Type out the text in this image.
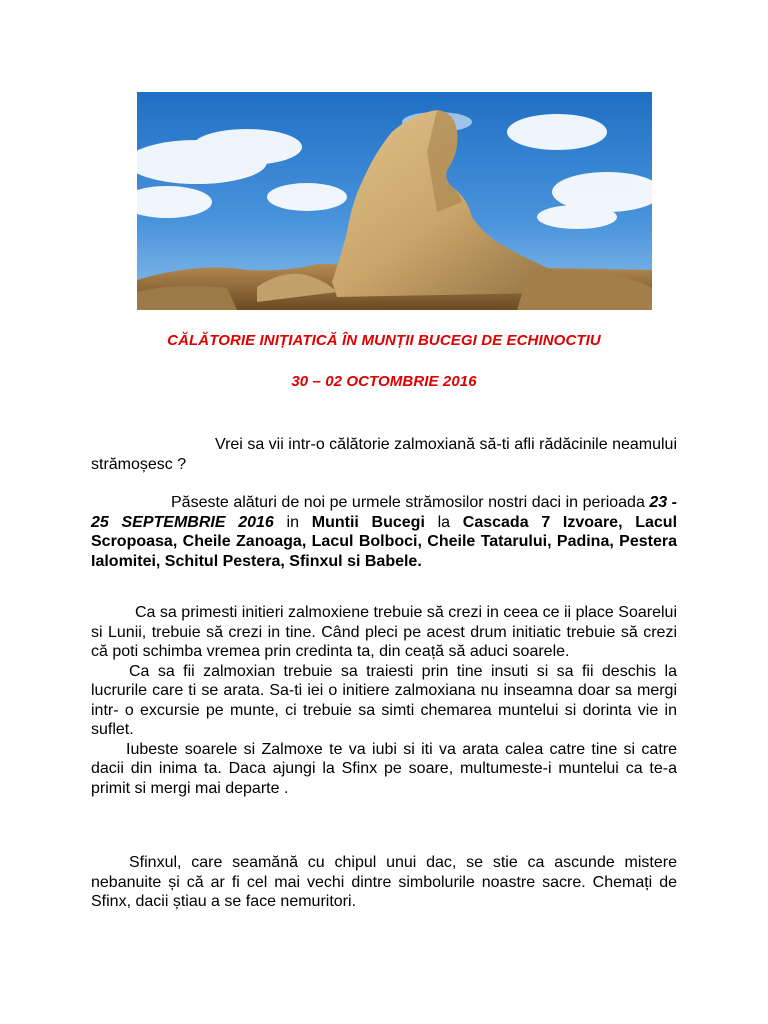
CĂLĂTORIE INIȚIATICĂ ÎN MUNȚII BUCEGI DE ECHINOCTIU
30 – 02 OCTOMBRIE 2016

Vrei sa vii intr-o călătorie zalmoxiană să-ti afli rădăcinile neamului strămoșesc ?

Păseste alături de noi pe urmele strămosilor nostri daci in perioada 23 - 25 SEPTEMBRIE 2016 in Muntii Bucegi la Cascada 7 Izvoare, Lacul Scropoasa, Cheile Zanoaga, Lacul Bolboci, Cheile Tatarului, Padina, Pestera Ialomitei, Schitul Pestera, Sfinxul si Babele.

Ca sa primesti initieri zalmoxiene trebuie să crezi in ceea ce ii place Soarelui si Lunii, trebuie să crezi in tine. Când pleci pe acest drum initiatic trebuie să crezi că poti schimba vremea prin credinta ta, din ceață să aduci soarele.

Ca sa fii zalmoxian trebuie sa traiesti prin tine insuti si sa fii deschis la lucrurile care ti se arata. Sa-ti iei o initiere zalmoxiana nu inseamna doar sa mergi intr- o excursie pe munte, ci trebuie sa simti chemarea muntelui si dorinta vie in suflet.

Iubeste soarele si Zalmoxe te va iubi si iti va arata calea catre tine si catre dacii din inima ta. Daca ajungi la Sfinx pe soare, multumeste-i muntelui ca te-a primit si mergi mai departe .

Sfinxul, care seamănă cu chipul unui dac, se stie ca ascunde mistere nebanuite și că ar fi cel mai vechi dintre simbolurile noastre sacre. Chemați de Sfinx, dacii știau a se face nemuritori.
